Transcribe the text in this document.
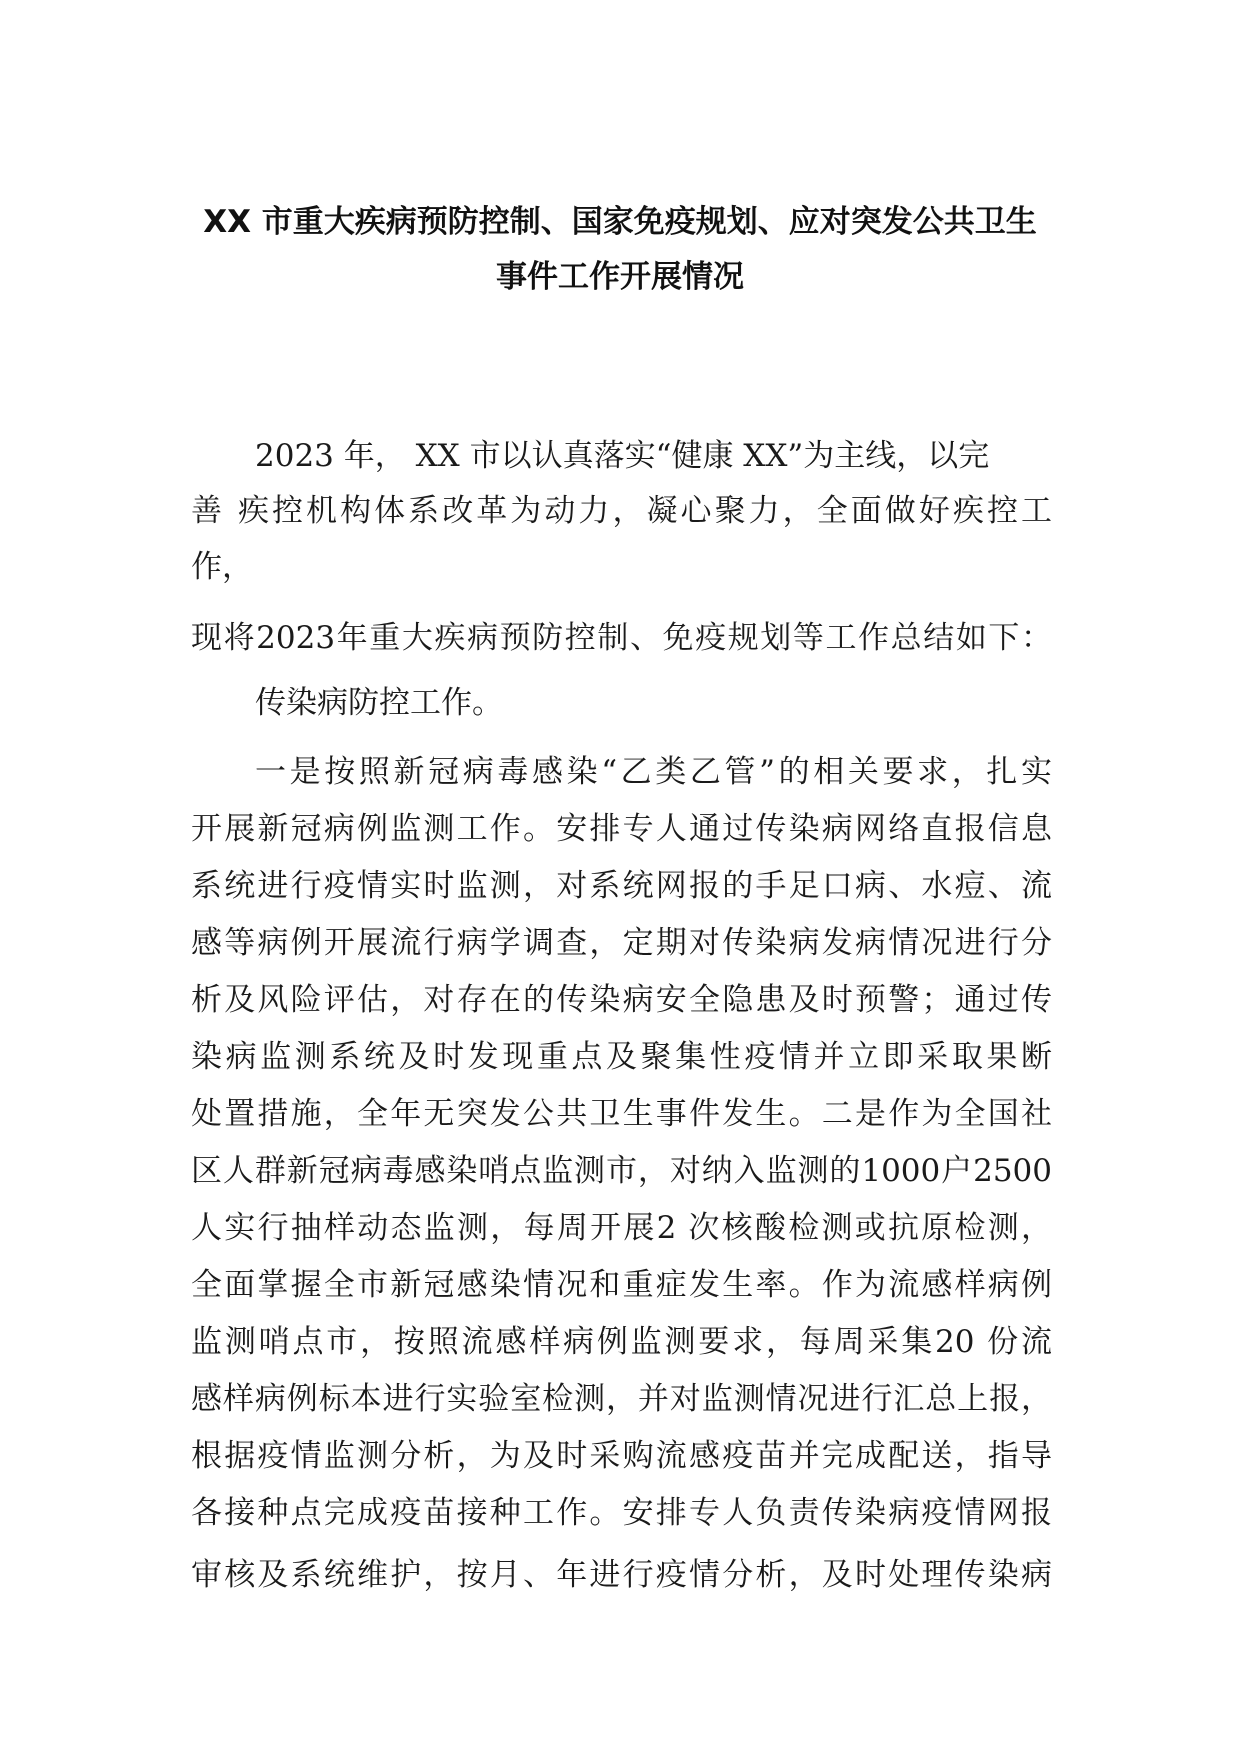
XX 市重大疾病预防控制、国家免疫规划、应对突发公共卫生
事件工作开展情况

2023 年， XX 市以认真落实“健康 XX”为主线，以完

善 疾控机构体系改革为动力，凝心聚力，全面做好疾控工

作，

现将2023年重大疾病预防控制、免疫规划等工作总结如下：

传染病防控工作。

一是按照新冠病毒感染“乙类乙管”的相关要求，扎实

开展新冠病例监测工作。安排专人通过传染病网络直报信息

系统进行疫情实时监测，对系统网报的手足口病、水痘、流

感等病例开展流行病学调查，定期对传染病发病情况进行分

析及风险评估，对存在的传染病安全隐患及时预警；通过传

染病监测系统及时发现重点及聚集性疫情并立即采取果断

处置措施，全年无突发公共卫生事件发生。二是作为全国社

区人群新冠病毒感染哨点监测市，对纳入监测的1000户2500

人实行抽样动态监测，每周开展2 次核酸检测或抗原检测，

全面掌握全市新冠感染情况和重症发生率。作为流感样病例

监测哨点市，按照流感样病例监测要求，每周采集20 份流

感样病例标本进行实验室检测，并对监测情况进行汇总上报，

根据疫情监测分析，为及时采购流感疫苗并完成配送，指导

各接种点完成疫苗接种工作。安排专人负责传染病疫情网报

审核及系统维护，按月、年进行疫情分析，及时处理传染病
